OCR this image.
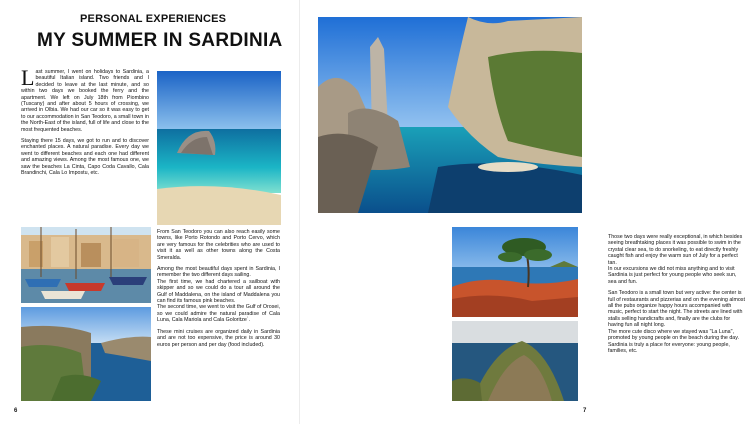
PERSONAL EXPERIENCES
MY SUMMER IN SARDINIA

Last summer, I went on holidays to Sardinia, a beautiful Italian island. Two friends and I decided to leave at the last minute, and so within two days we booked the ferry and the apartment. We left on July 18th from Piombino (Tuscany) and after about 5 hours of crossing, we arrived in Olbia. We had our car so it was easy to get to our accommodation in San Teodoro, a small town in the North-East of the island, full of life and close to the most frequented beaches.

Staying there 15 days, we got to run and to discover enchanted places. A natural paradise. Every day we went to different beaches and each one had different and amazing views. Among the most famous one, we saw the beaches La Cinta, Capo Coda Cavallo, Cala Brandinchi, Cala Lo Impostu, etc.

From San Teodoro you can also reach easily some towns, like Porto Rotondo and Porto Cervo, which are very famous for the celebrities who are used to visit it as well as other towns along the Costa Smeralda.

Among the most beautiful days spent in Sardinia, I remember the two different days sailing.
The first time, we had chartered a sailboat with skipper and so we could do a tour all around the Gulf of Maddalena, on the island of Maddalena you can find its famous pink beaches.
The second time, we went to visit the Gulf of Orosei, so we could admire the natural paradise of Cala Luna, Cala Mariola and Cala Goloritze`.

These mini cruises are organized daily in Sardinia and are not too expensive, the price is around 30 euros per person and per day (food included).

6

Those two days were really exceptional, in which besides seeing breathtaking places it was possible to swim in the crystal clear sea, to do snorkeling, to eat directly freshly caught fish and enjoy the warm sun of July for a perfect tan.
In our excursions we did not miss anything and to visit Sardinia is just perfect for young people who seek sun, sea and fun.

San Teodoro is a small town but very active: the center is full of restaurants and pizzerias and on the evening almost all the pubs organize happy hours accompanied with music, perfect to start the night. The streets are lined with stalls selling handicrafts and, finally are the clubs for having fun all night long.
The more cute disco where we stayed was "La Luna", promoted by young people on the beach during the day.
Sardinia is truly a place for everyone: young people, families, etc.

7
